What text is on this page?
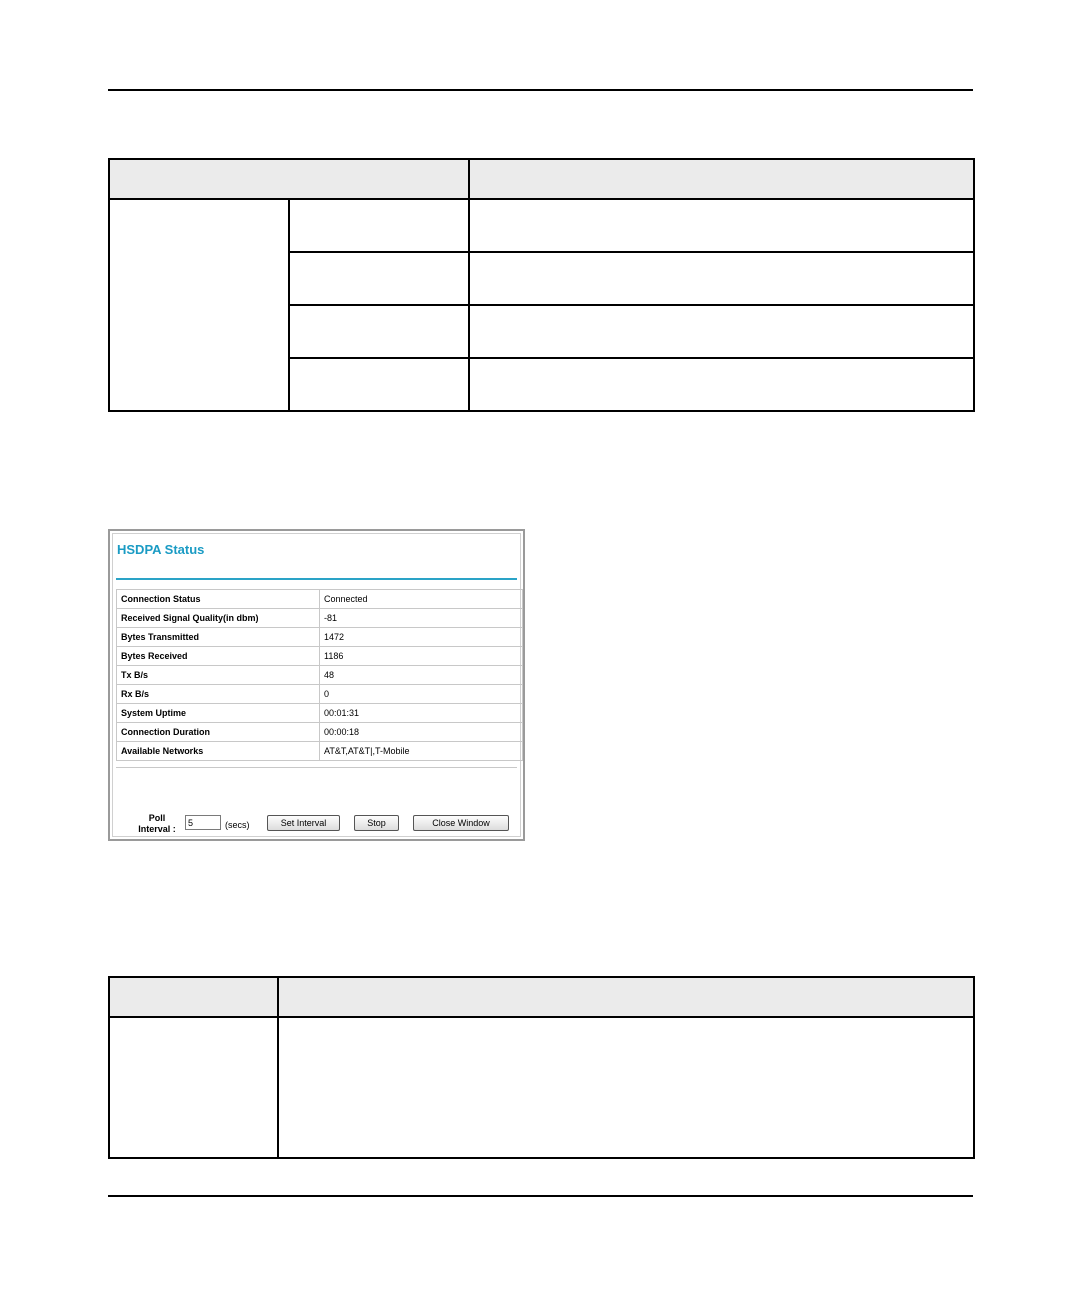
HSDPA Status
Connection Status	Connected
Received Signal Quality(in dbm)	-81
Bytes Transmitted	1472
Bytes Received	1186
Tx B/s	48
Rx B/s	0
System Uptime	00:01:31
Connection Duration	00:00:18
Available Networks	AT&T,AT&T|,T-Mobile
Poll
Interval :
5	(secs)	Set Interval	Stop	Close Window
